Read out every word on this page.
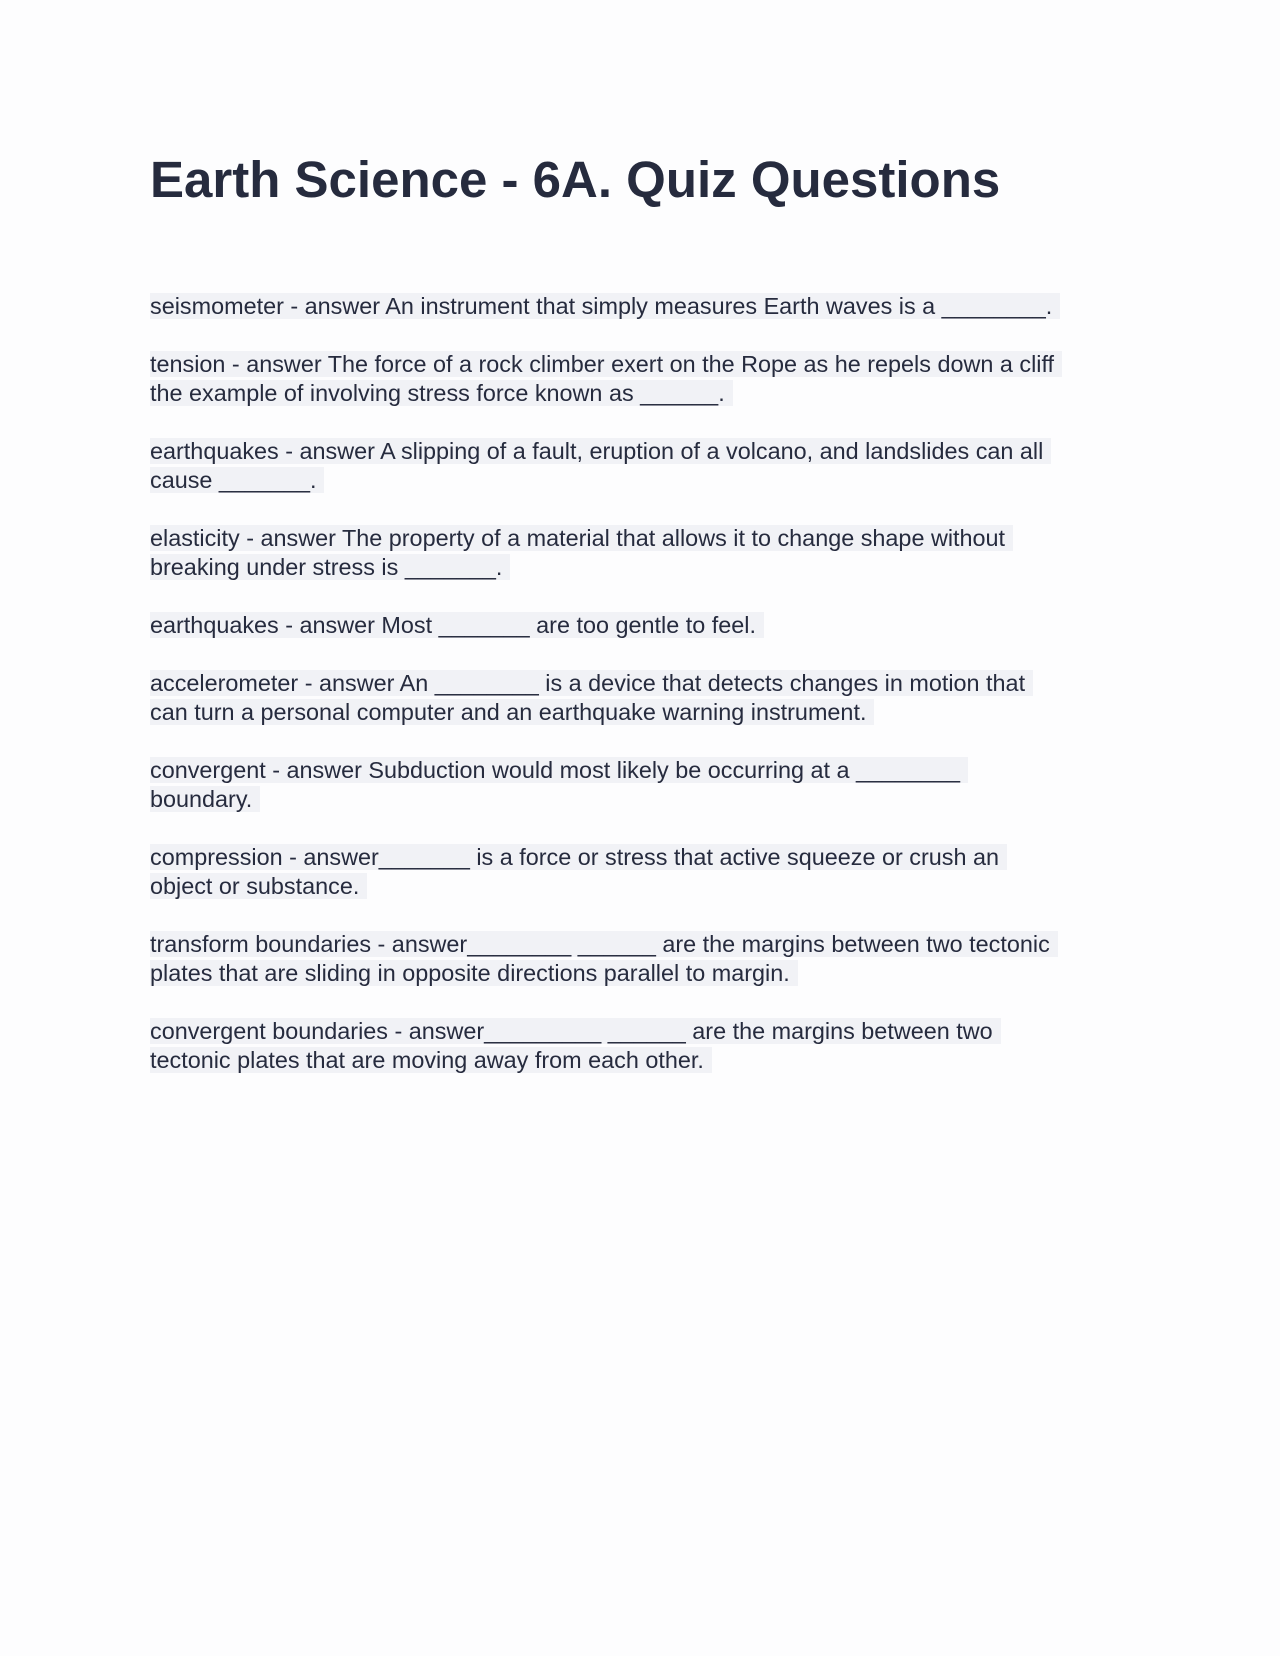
Earth Science - 6A. Quiz Questions

seismometer - answer An instrument that simply measures Earth waves is a ________.

tension - answer The force of a rock climber exert on the Rope as he repels down a cliff
the example of involving stress force known as ______.

earthquakes - answer A slipping of a fault, eruption of a volcano, and landslides can all
cause _______.

elasticity - answer The property of a material that allows it to change shape without
breaking under stress is _______.

earthquakes - answer Most _______ are too gentle to feel.

accelerometer - answer An ________ is a device that detects changes in motion that
can turn a personal computer and an earthquake warning instrument.

convergent - answer Subduction would most likely be occurring at a ________
boundary.

compression - answer_______ is a force or stress that active squeeze or crush an
object or substance.

transform boundaries - answer________ ______ are the margins between two tectonic
plates that are sliding in opposite directions parallel to margin.

convergent boundaries - answer_________ ______ are the margins between two
tectonic plates that are moving away from each other.
